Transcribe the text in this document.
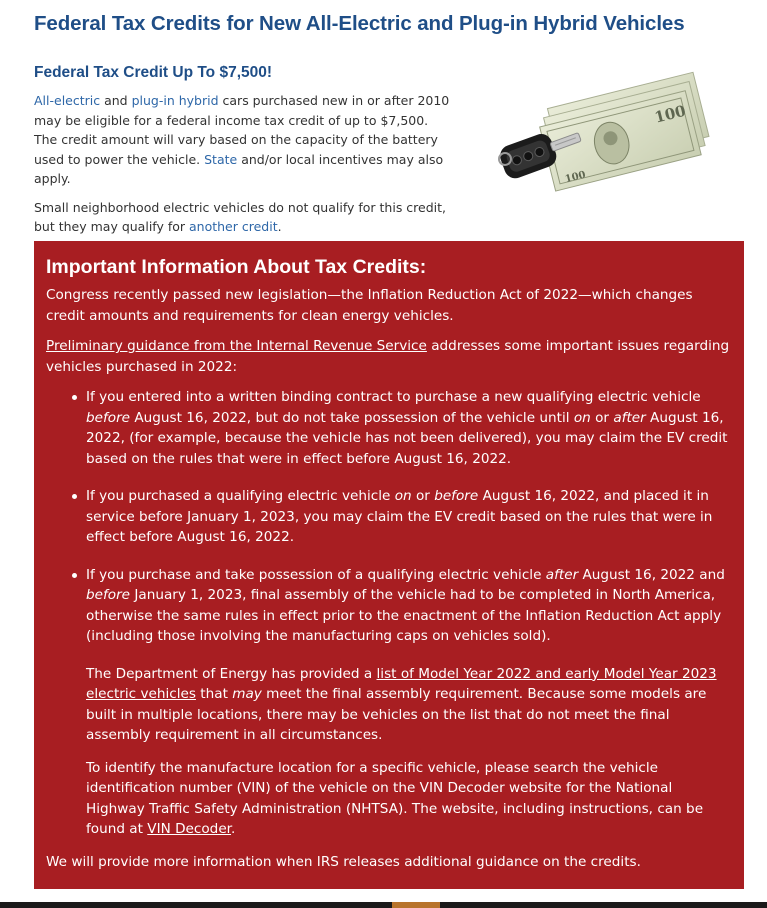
Federal Tax Credits for New All-Electric and Plug-in Hybrid Vehicles
Federal Tax Credit Up To $7,500!

All-electric and plug-in hybrid cars purchased new in or after 2010 may be eligible for a federal income tax credit of up to $7,500. The credit amount will vary based on the capacity of the battery used to power the vehicle. State and/or local incentives may also apply.

Small neighborhood electric vehicles do not qualify for this credit, but they may qualify for another credit.

100
100
Important Information About Tax Credits:

Congress recently passed new legislation—the Inflation Reduction Act of 2022—which changes credit amounts and requirements for clean energy vehicles.

Preliminary guidance from the Internal Revenue Service addresses some important issues regarding vehicles purchased in 2022:

If you entered into a written binding contract to purchase a new qualifying electric vehicle before August 16, 2022, but do not take possession of the vehicle until on or after August 16, 2022, (for example, because the vehicle has not been delivered), you may claim the EV credit based on the rules that were in effect before August 16, 2022.
If you purchased a qualifying electric vehicle on or before August 16, 2022, and placed it in service before January 1, 2023, you may claim the EV credit based on the rules that were in effect before August 16, 2022.
If you purchase and take possession of a qualifying electric vehicle after August 16, 2022 and before January 1, 2023, final assembly of the vehicle had to be completed in North America, otherwise the same rules in effect prior to the enactment of the Inflation Reduction Act apply (including those involving the manufacturing caps on vehicles sold).

The Department of Energy has provided a list of Model Year 2022 and early Model Year 2023 electric vehicles that may meet the final assembly requirement. Because some models are built in multiple locations, there may be vehicles on the list that do not meet the final assembly requirement in all circumstances.

To identify the manufacture location for a specific vehicle, please search the vehicle identification number (VIN) of the vehicle on the VIN Decoder website for the National Highway Traffic Safety Administration (NHTSA). The website, including instructions, can be found at VIN Decoder.

We will provide more information when IRS releases additional guidance on the credits.
